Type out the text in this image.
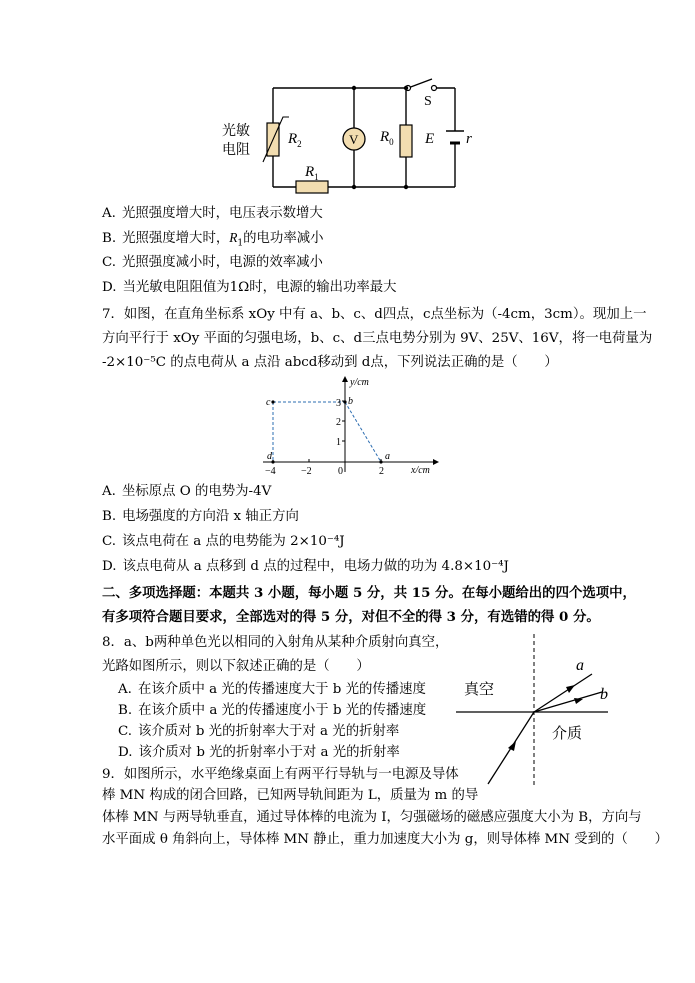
光敏
电阻
$R_2$
$R_1$
$R_0$
V
S
E r
A. 光照强度增大时，电压表示数增大
B. 光照强度增大时，$R_1$的电功率减小
C. 光照强度减小时，电源的效率减小
D. 当光敏电阻阻值为1Ω时，电源的输出功率最大
7．如图，在直角坐标系 xOy 中有 a、b、c、d四点，c点坐标为（-4cm，3cm）。现加上一
方向平行于 xOy 平面的匀强电场，b、c、d三点电势分别为 9V、25V、16V，将一电荷量为
-2×10⁻⁵C 的点电荷从 a 点沿 abcd移动到 d点，下列说法正确的是（　　）
y/cm
x/cm
−4	−2	0	2
1
2
3
c	b
d	a
A. 坐标原点 O 的电势为-4V
B. 电场强度的方向沿 x 轴正方向
C. 该点电荷在 a 点的电势能为 2×10⁻⁴J
D. 该点电荷从 a 点移到 d 点的过程中，电场力做的功为 4.8×10⁻⁴J
二、多项选择题：本题共 3 小题，每小题 5 分，共 15 分。在每小题给出的四个选项中，
有多项符合题目要求，全部选对的得 5 分，对但不全的得 3 分，有选错的得 0 分。
8．a、b两种单色光以相同的入射角从某种介质射向真空，
光路如图所示，则以下叙述正确的是（　　）
A. 在该介质中 a 光的传播速度大于 b 光的传播速度
B. 在该介质中 a 光的传播速度小于 b 光的传播速度
C. 该介质对 b 光的折射率大于对 a 光的折射率
D. 该介质对 b 光的折射率小于对 a 光的折射率
真空
介质
a
b
9．如图所示，水平绝缘桌面上有两平行导轨与一电源及导体
棒 MN 构成的闭合回路，已知两导轨间距为 L，质量为 m 的导
体棒 MN 与两导轨垂直，通过导体棒的电流为 I，匀强磁场的磁感应强度大小为 B，方向与
水平面成 θ 角斜向上，导体棒 MN 静止，重力加速度大小为 g，则导体棒 MN 受到的（　　）
